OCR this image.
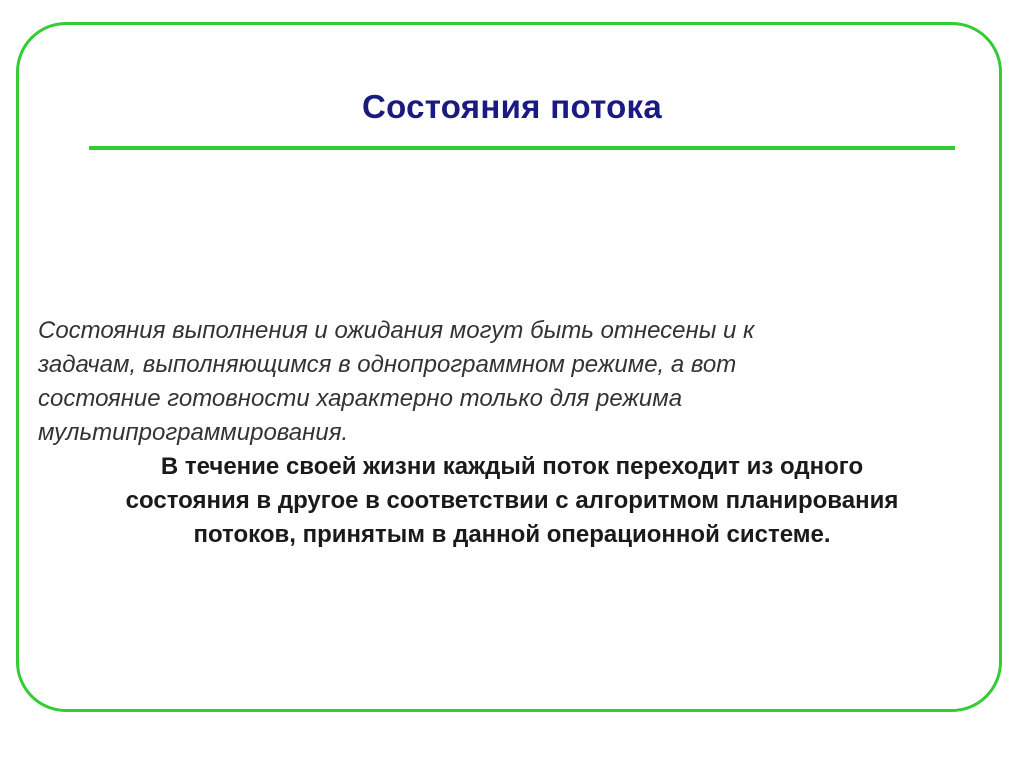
Состояния потока
Состояния выполнения и ожидания могут быть отнесены и к
задачам, выполняющимся в однопрограммном режиме, а вот
состояние готовности характерно только для режима
мультипрограммирования.
В течение своей жизни каждый поток переходит из одного
состояния в другое в соответствии с алгоритмом планирования
потоков, принятым в данной операционной системе.
